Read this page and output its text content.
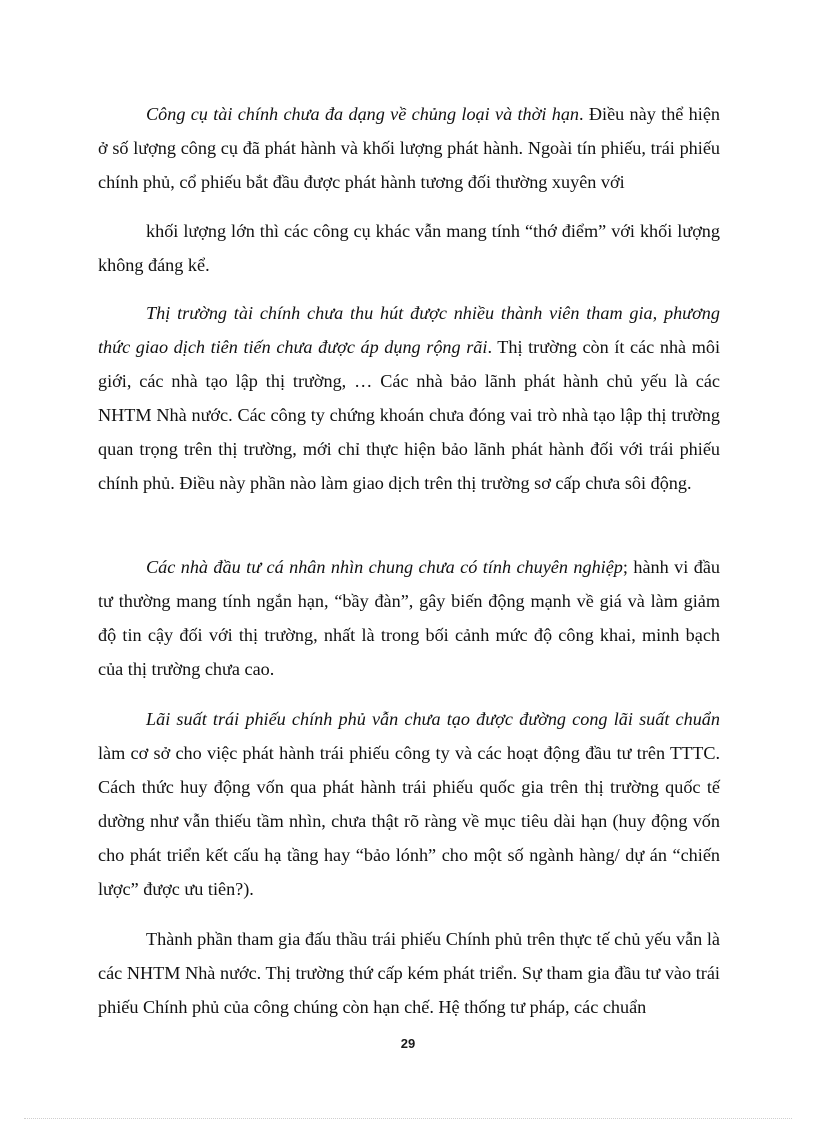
Công cụ tài chính chưa đa dạng về chủng loại và thời hạn. Điều này thể hiện ở số lượng công cụ đã phát hành và khối lượng phát hành. Ngoài tín phiếu, trái phiếu chính phủ, cổ phiếu bắt đầu được phát hành tương đối thường xuyên với

khối lượng lớn thì các công cụ khác vẫn mang tính “thớ điểm” với khối lượng không đáng kể.

Thị trường tài chính chưa thu hút được nhiều thành viên tham gia, phương thức giao dịch tiên tiến chưa được áp dụng rộng rãi. Thị trường còn ít các nhà môi giới, các nhà tạo lập thị trường, … Các nhà bảo lãnh phát hành chủ yếu là các NHTM Nhà nước. Các công ty chứng khoán chưa đóng vai trò nhà tạo lập thị trường quan trọng trên thị trường, mới chỉ thực hiện bảo lãnh phát hành đối với trái phiếu chính phủ. Điều này phần nào làm giao dịch trên thị trường sơ cấp chưa sôi động.

Các nhà đầu tư cá nhân nhìn chung chưa có tính chuyên nghiệp; hành vi đầu tư thường mang tính ngắn hạn, “bầy đàn”, gây biến động mạnh về giá và làm giảm độ tin cậy đối với thị trường, nhất là trong bối cảnh mức độ công khai, minh bạch của thị trường chưa cao.

Lãi suất trái phiếu chính phủ vẫn chưa tạo được đường cong lãi suất chuẩn làm cơ sở cho việc phát hành trái phiếu công ty và các hoạt động đầu tư trên TTTC. Cách thức huy động vốn qua phát hành trái phiếu quốc gia trên thị trường quốc tế dường như vẫn thiếu tầm nhìn, chưa thật rõ ràng về mục tiêu dài hạn (huy động vốn cho phát triển kết cấu hạ tầng hay “bảo lónh” cho một số ngành hàng/ dự án “chiến lược” được ưu tiên?).

Thành phần tham gia đấu thầu trái phiếu Chính phủ trên thực tế chủ yếu vẫn là các NHTM Nhà nước. Thị trường thứ cấp kém phát triển. Sự tham gia đầu tư vào trái phiếu Chính phủ của công chúng còn hạn chế. Hệ thống tư pháp, các chuẩn

29
